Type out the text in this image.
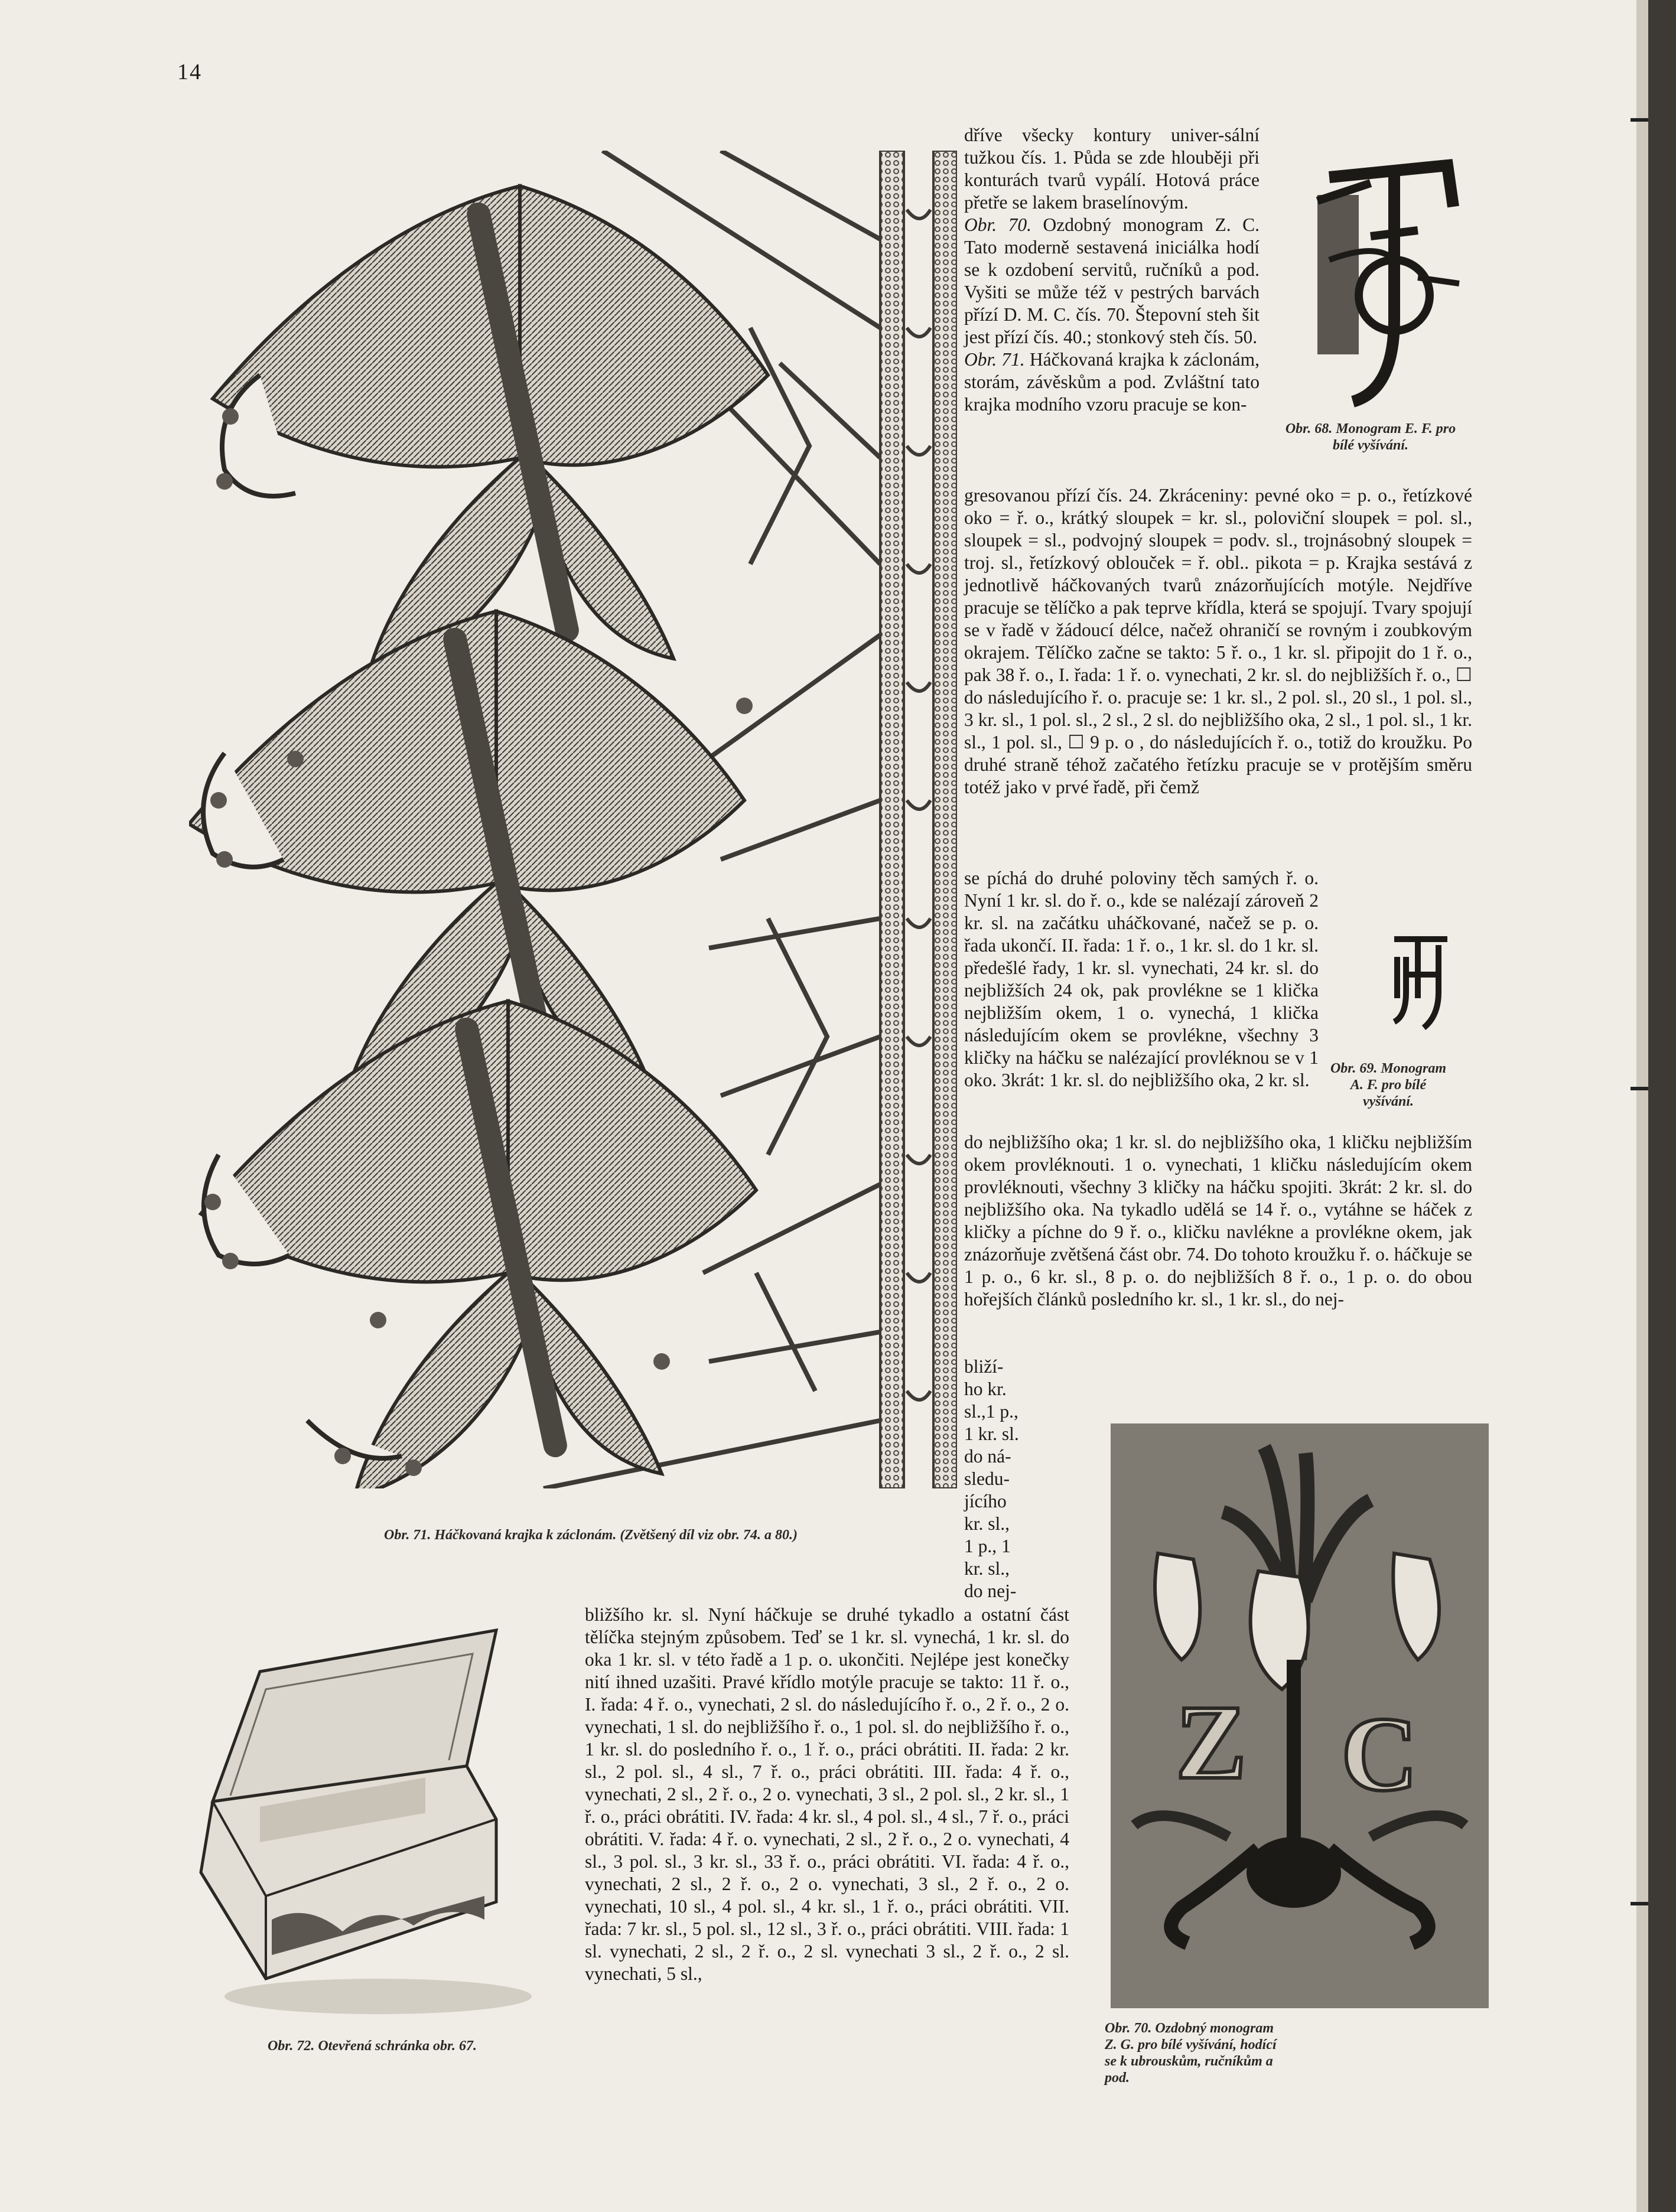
14
Obr. 68. Monogram E. F. pro bílé vyšívání.
Obr. 69. Monogram A. F. pro bílé vyšívání.
Z C
Obr. 70. Ozdobný monogram Z. G. pro bílé vyšívání, hodící se k ubrouskům, ručníkům a pod.
Obr. 72. Otevřená schránka obr. 67.
Obr. 71. Háčkovaná krajka k záclonám. (Zvětšený díl viz obr. 74. a 80.)

dříve všecky kontury univer-sální tužkou čís. 1. Půda se zde hlouběji při konturách tvarů vypálí. Hotová práce přetře se lakem braselínovým.

Obr. 70. Ozdobný monogram Z. C. Tato moderně sestavená iniciálka hodí se k ozdobení servitů, ručníků a pod. Vyšiti se může též v pestrých barvách přízí D. M. C. čís. 70. Štepovní steh šit jest přízí čís. 40.; stonkový steh čís. 50.

Obr. 71. Háčkovaná krajka k záclonám, storám, závěskům a pod. Zvláštní tato krajka modního vzoru pracuje se kon-

gresovanou přízí čís. 24. Zkráceniny: pevné oko = p. o., řetízkové oko = ř. o., krátký sloupek = kr. sl., poloviční sloupek = pol. sl., sloupek = sl., podvojný sloupek = podv. sl., trojnásobný sloupek = troj. sl., řetízkový oblouček = ř. obl.. pikota = p. Krajka sestává z jednotlivě háčkovaných tvarů znázorňujících motýle. Nejdříve pracuje se tělíčko a pak teprve křídla, která se spojují. Tvary spojují se v řadě v žádoucí délce, načež ohraničí se rovným i zoubkovým okrajem. Tělíčko začne se takto: 5 ř. o., 1 kr. sl. připojit do 1 ř. o., pak 38 ř. o., I. řada: 1 ř. o. vynechati, 2 kr. sl. do nejbližších ř. o., ☐ do následujícího ř. o. pracuje se: 1 kr. sl., 2 pol. sl., 20 sl., 1 pol. sl., 3 kr. sl., 1 pol. sl., 2 sl., 2 sl. do nejbližšího oka, 2 sl., 1 pol. sl., 1 kr. sl., 1 pol. sl., ☐ 9 p. o , do následujících ř. o., totiž do kroužku. Po druhé straně téhož začatého řetízku pracuje se v protějším směru totéž jako v prvé řadě, při čemž

se píchá do druhé poloviny těch samých ř. o. Nyní 1 kr. sl. do ř. o., kde se nalézají zároveň 2 kr. sl. na začátku uháčkované, načež se p. o. řada ukončí. II. řada: 1 ř. o., 1 kr. sl. do 1 kr. sl. předešlé řady, 1 kr. sl. vynechati, 24 kr. sl. do nejbližších 24 ok, pak provlékne se 1 klička nejbližším okem, 1 o. vynechá, 1 klička následujícím okem se provlékne, všechny 3 kličky na háčku se nalézající provléknou se v 1 oko. 3krát: 1 kr. sl. do nejbližšího oka, 2 kr. sl.

do nejbližšího oka; 1 kr. sl. do nejbližšího oka, 1 kličku nejbližším okem provléknouti. 1 o. vynechati, 1 kličku následujícím okem provléknouti, všechny 3 kličky na háčku spojiti. 3krát: 2 kr. sl. do nejbližšího oka. Na tykadlo udělá se 14 ř. o., vytáhne se háček z kličky a píchne do 9 ř. o., kličku navlékne a provlékne okem, jak znázorňuje zvětšená část obr. 74. Do tohoto kroužku ř. o. háčkuje se 1 p. o., 6 kr. sl., 8 p. o. do nejbližších 8 ř. o., 1 p. o. do obou hořejších článků posledního kr. sl., 1 kr. sl., do nej-

bliží-
ho kr.
sl.,1 p.,
1 kr. sl.
do ná-
sledu-
jícího
kr. sl.,
1 p., 1
kr. sl.,
do nej-

bližšího kr. sl. Nyní háčkuje se druhé tykadlo a ostatní část tělíčka stejným způsobem. Teď se 1 kr. sl. vynechá, 1 kr. sl. do oka 1 kr. sl. v této řadě a 1 p. o. ukončiti. Nejlépe jest konečky nití ihned uzašiti. Pravé křídlo motýle pracuje se takto: 11 ř. o., I. řada: 4 ř. o., vynechati, 2 sl. do následujícího ř. o., 2 ř. o., 2 o. vynechati, 1 sl. do nejbližšího ř. o., 1 pol. sl. do nejbližšího ř. o., 1 kr. sl. do posledního ř. o., 1 ř. o., práci obrátiti. II. řada: 2 kr. sl., 2 pol. sl., 4 sl., 7 ř. o., práci obrátiti. III. řada: 4 ř. o., vynechati, 2 sl., 2 ř. o., 2 o. vynechati, 3 sl., 2 pol. sl., 2 kr. sl., 1 ř. o., práci obrátiti. IV. řada: 4 kr. sl., 4 pol. sl., 4 sl., 7 ř. o., práci obrátiti. V. řada: 4 ř. o. vynechati, 2 sl., 2 ř. o., 2 o. vynechati, 4 sl., 3 pol. sl., 3 kr. sl., 33 ř. o., práci obrátiti. VI. řada: 4 ř. o., vynechati, 2 sl., 2 ř. o., 2 o. vynechati, 3 sl., 2 ř. o., 2 o. vynechati, 10 sl., 4 pol. sl., 4 kr. sl., 1 ř. o., práci obrátiti. VII. řada: 7 kr. sl., 5 pol. sl., 12 sl., 3 ř. o., práci obrátiti. VIII. řada: 1 sl. vynechati, 2 sl., 2 ř. o., 2 sl. vynechati 3 sl., 2 ř. o., 2 sl. vynechati, 5 sl.,
